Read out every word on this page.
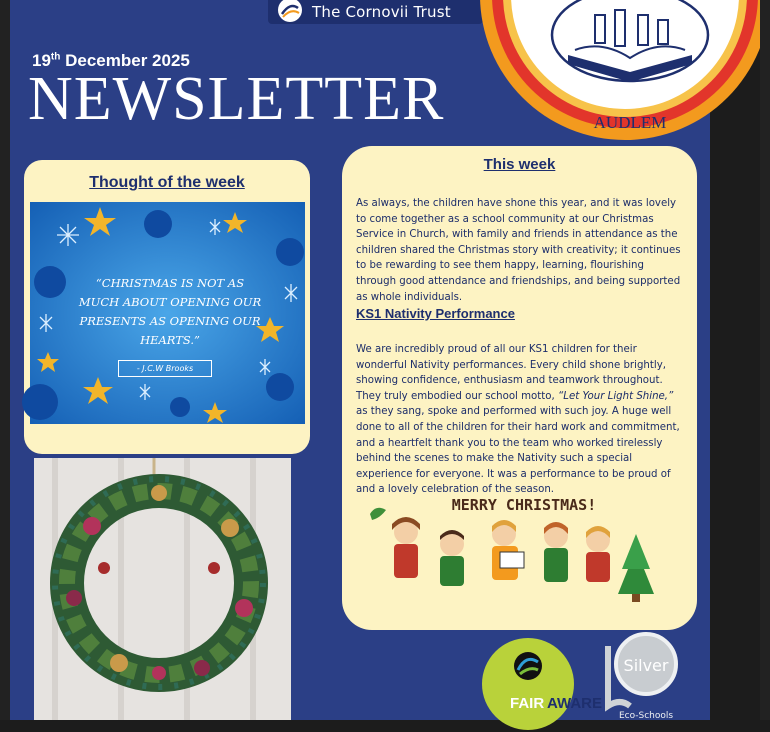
The Cornovii Trust
19th December 2025
NEWSLETTER	AUDLEM
Thought of the week
“CHRISTMAS IS NOT AS MUCH ABOUT OPENING OUR PRESENTS AS OPENING OUR HEARTS.”
- J.C.W Brooks
This week
As always, the children have shone this year, and it was lovely to come together as a school community at our Christmas Service in Church, with family and friends in attendance as the children shared the Christmas story with creativity; it continues to be rewarding to see them happy, learning, flourishing through good attendance and friendships, and being supported as whole individuals.
KS1 Nativity Performance
We are incredibly proud of all our KS1 children for their wonderful Nativity performances. Every child shone brightly, showing confidence, enthusiasm and teamwork throughout. They truly embodied our school motto, “Let Your Light Shine,” as they sang, spoke and performed with such joy. A huge well done to all of the children for their hard work and commitment, and a heartfelt thank you to the team who worked tirelessly behind the scenes to make the Nativity such a special experience for everyone. It was a performance to be proud of and a lovely celebration of the season.
MERRY CHRISTMAS!
FAIR AWARE
Silver
Eco-Schools
